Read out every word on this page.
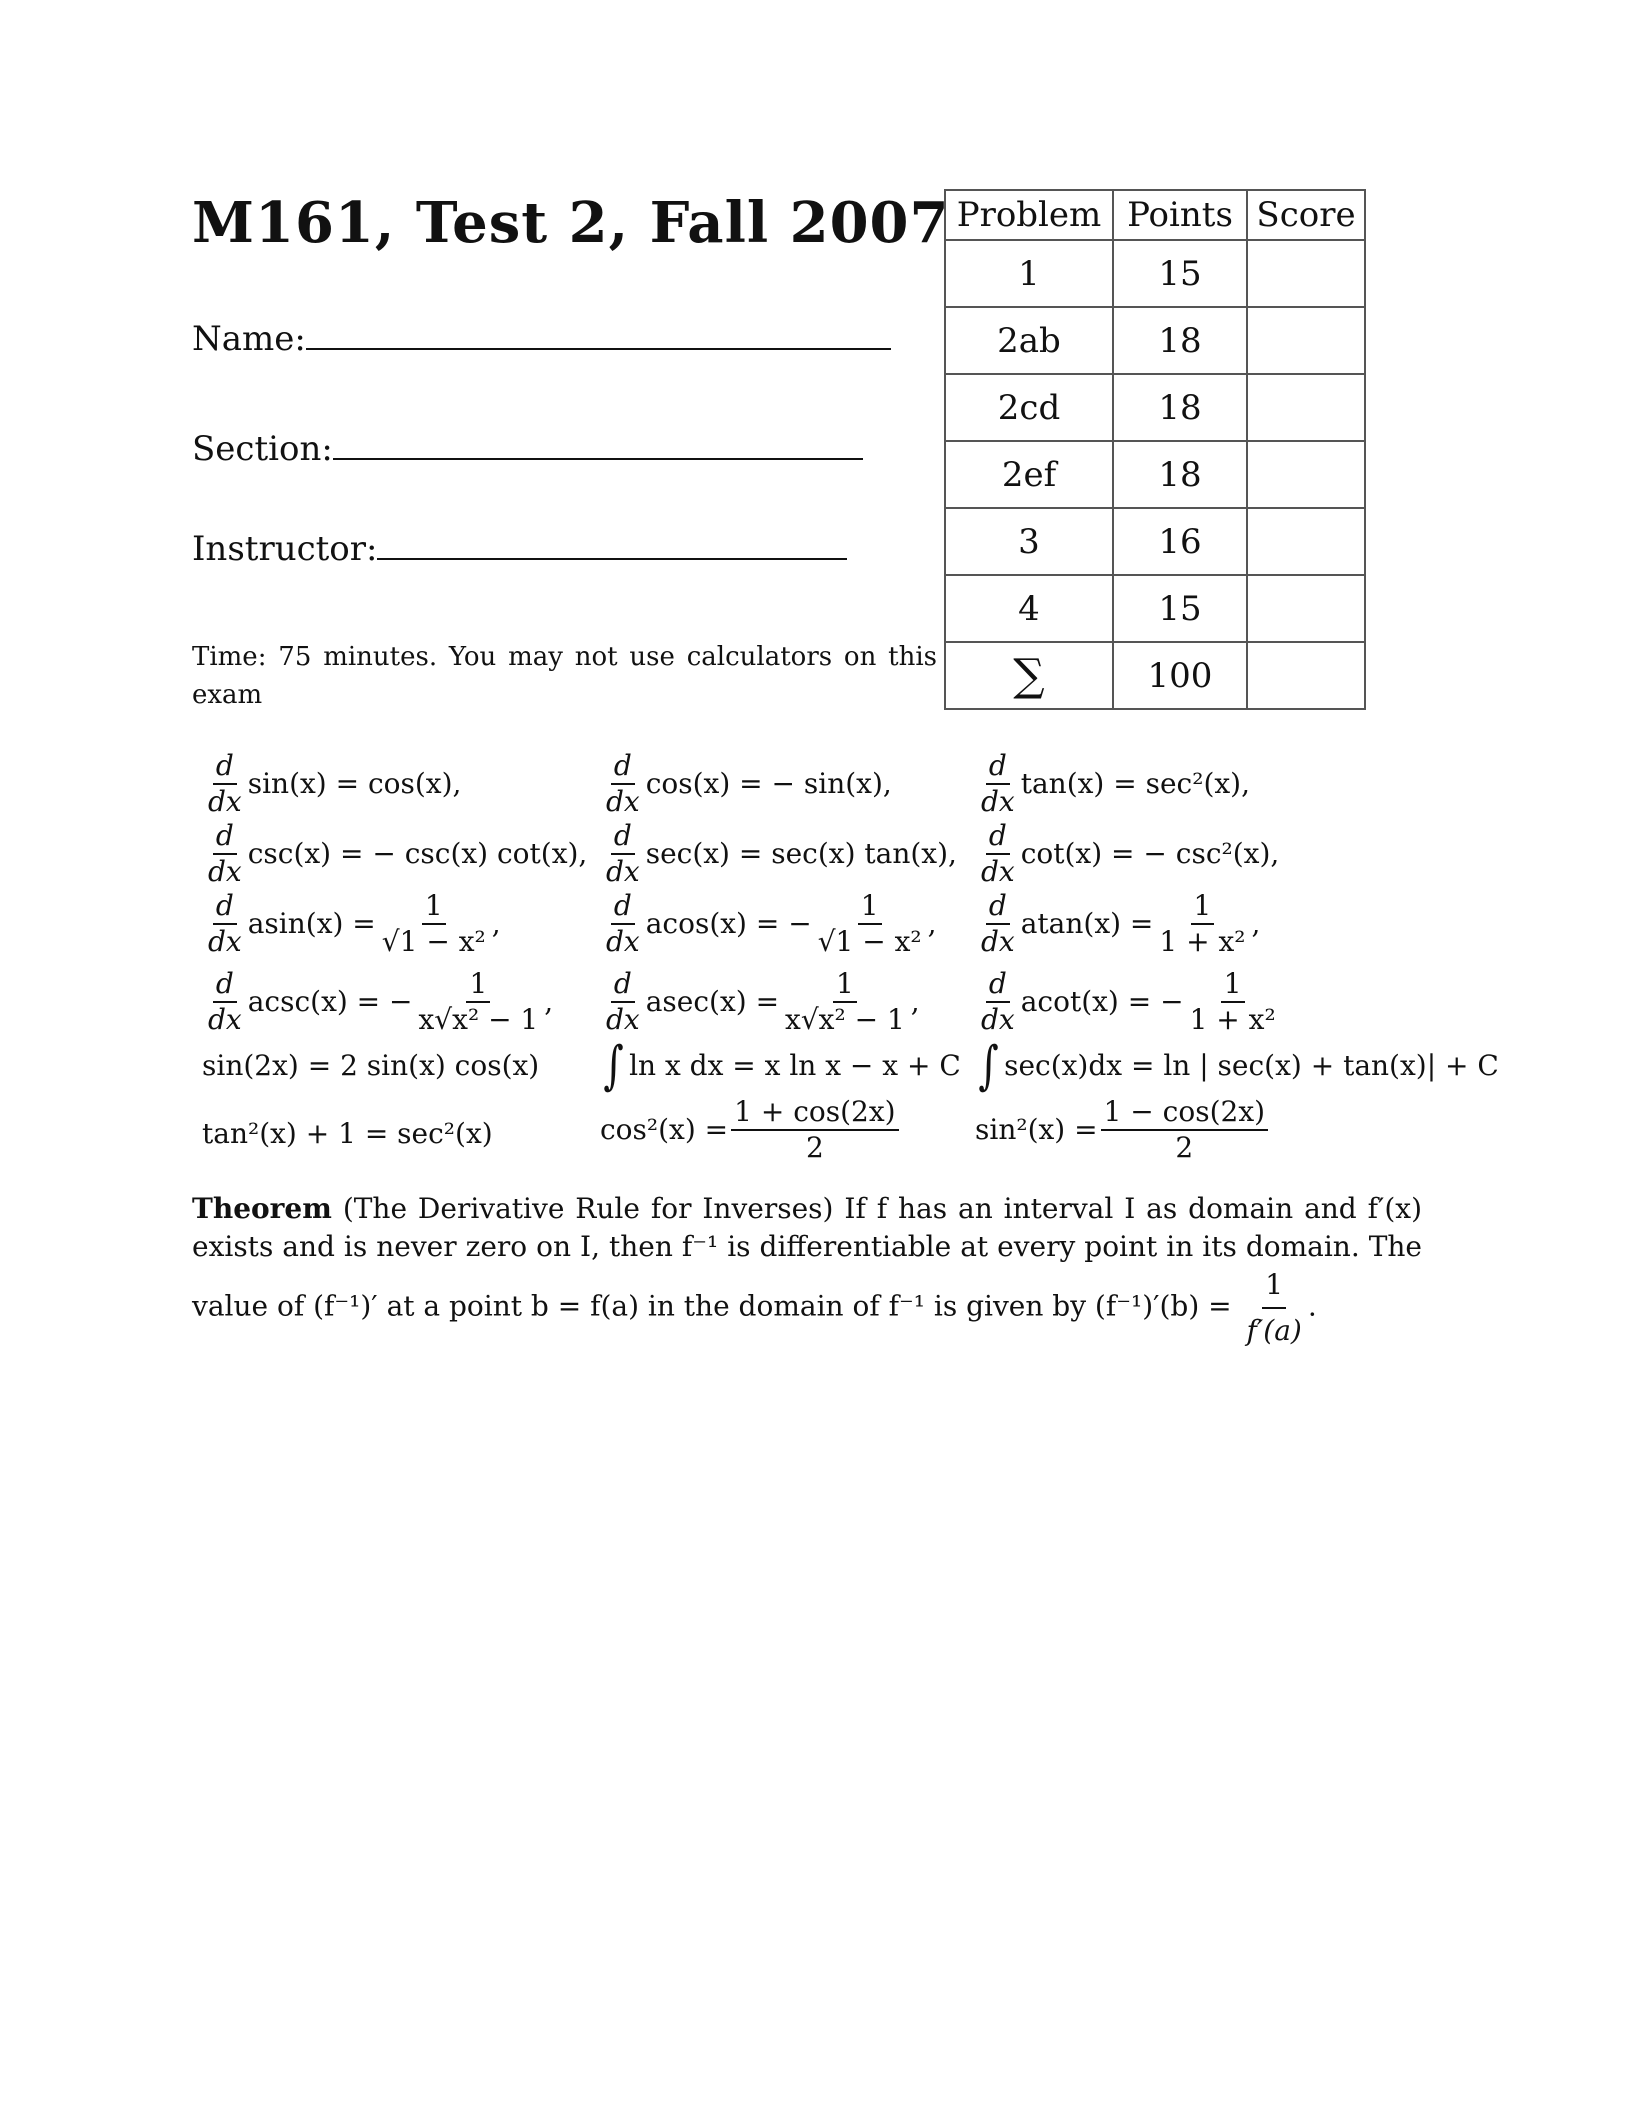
M161, Test 2, Fall 2007
Name:
Section:
Instructor:
Time: 75 minutes. You may not use calculators on this exam
Problem	Points	Score
1	15	
2ab	18	
2cd	18	
2ef	18	
3	16	
4	15	
∑	100	
$\frac{d}{dx} \sin(x) = \cos(x)$,	$\frac{d}{dx} \cos(x)$ = − sin(x),	$\frac{d}{dx} \tan(x) = \sec^2(x)$,
$\frac{d}{dx} \csc(x)$ = − csc(x) cot(x), $\frac{d}{dx} \sec(x) = \sec(x)$ tan(x), $\frac{d}{dx} \cot(x)$ = − csc²(x),
$\frac{d}{dx} asin(x) = \frac{1}{\text{√1 − x²}}$ ,	$\frac{d}{dx} acos(x)$ = − $\frac{1}{\text{√1 − x²}}$ , $\frac{d}{dx} atan(x) = \frac{1}{\text{1 + x²}}$ ,
$\frac{d}{dx} acsc(x)$ = − $\frac{1}{\text{x√x² − 1}}$ , $\frac{d}{dx} asec(x) = \frac{1}{\text{x√x² − 1}}$ , $\frac{d}{dx} acot(x)$ = − $\frac{1}{\text{1 + x²}}$
sin(2x) = 2 sin(x) cos(x) ∫ ln x dx = x ln x − x + C ∫ sec(x)dx = ln | sec(x) + tan(x)| + C
tan²(x) + 1 = sec²(x)	$\cos^2(x) = \frac{1 + \cos(2x)}{2}$	$\sin^2(x) = \frac{1 - \cos(2x)}{2}$
Theorem (The Derivative Rule for Inverses) If f has an interval I as domain and f′(x) exists and is never zero on I, then f⁻¹ is differentiable at every point in its domain. The value of (f⁻¹)′ at a point b = f(a) in the domain of f⁻¹ is given by $(f^{-1})'(b) = \frac{1}{f'(a)}$ .
